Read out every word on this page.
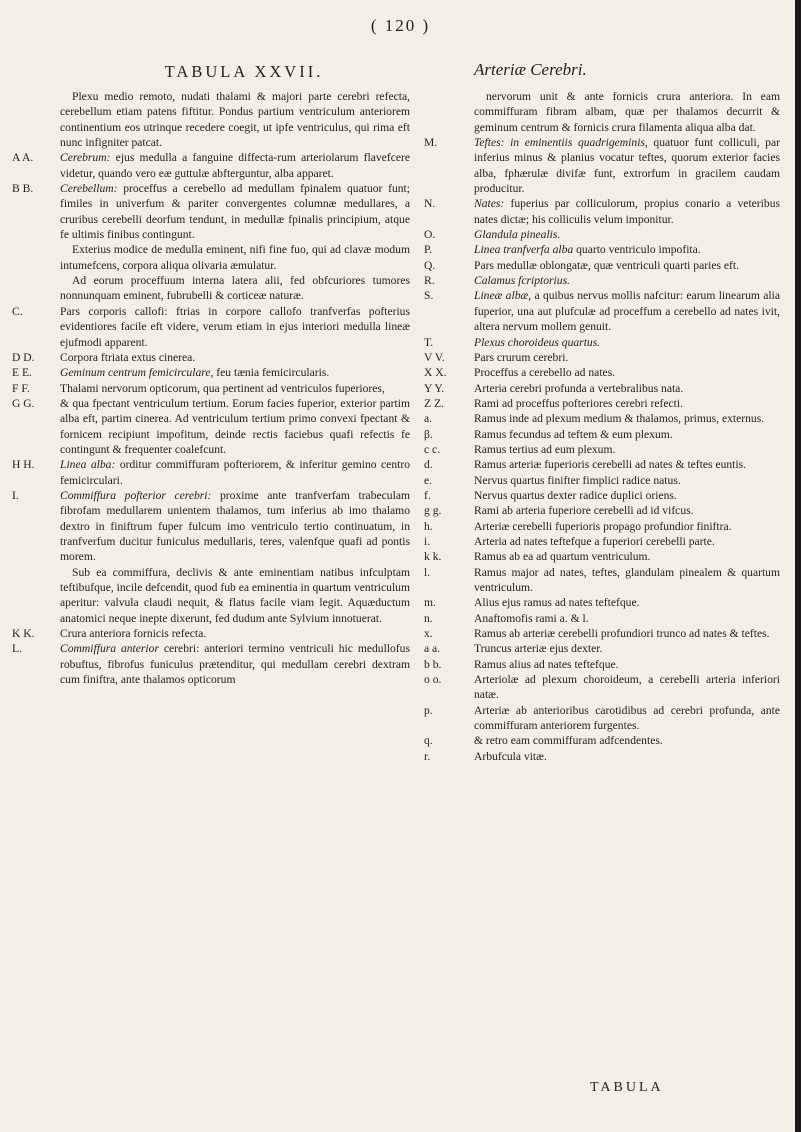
( 120 )
TABULA XXVII.	Arteriæ Cerebri.
Plexu medio remoto, nudati thalami & majori parte cerebri refecta, cerebellum etiam patens fiftitur. Pondus partium ventriculum anteriorem continentium eos utrinque recedere coegit, ut ipfe ventriculus, qui rima eft nunc infigniter patcat.
A A.	Cerebrum: ejus medulla a fanguine diffecta-rum arteriolarum flavefcere videtur, quando vero eæ guttulæ abfterguntur, alba apparet.
B B.	Cerebellum: proceffus a cerebello ad medullam fpinalem quatuor funt; fimiles in univerfum & pariter convergentes columnæ medullares, a cruribus cerebelli deorfum tendunt, in medullæ fpinalis principium, atque fe ultimis finibus contingunt.
Exterius modice de medulla eminent, nifi fine fuo, qui ad clavæ modum intumefcens, corpora aliqua olivaria æmulatur.
Ad eorum proceffuum interna latera alii, fed obfcuriores tumores nonnunquam eminent, fubrubelli & corticeæ naturæ.
C.	Pars corporis callofi: ftrias in corpore callofo tranfverfas pofterius evidentiores facile eft videre, verum etiam in ejus interiori medulla lineæ ejufmodi apparent.
D D.	Corpora ftriata extus cinerea.
E E.	Geminum centrum femicirculare, feu tænia femicircularis.
F F.	Thalami nervorum opticorum, qua pertinent ad ventriculos fuperiores,
G G.	& qua fpectant ventriculum tertium. Eorum facies fuperior, exterior partim alba eft, partim cinerea. Ad ventriculum tertium primo convexi fpectant & fornicem recipiunt impofitum, deinde rectis faciebus quafi refectis fe contingunt & frequenter coalefcunt.
H H.	Linea alba: orditur commiffuram pofteriorem, & inferitur gemino centro femicirculari.
I.	Commiffura pofterior cerebri: proxime ante tranfverfam trabeculam fibrofam medullarem unientem thalamos, tum inferius ab imo thalamo dextro in finiftrum fuper fulcum imo ventriculo tertio continuatum, in tranfverfum ducitur funiculus medullaris, teres, valenfque quafi ad pontis morem.
Sub ea commiffura, declivis & ante eminentiam natibus infculptam teftibufque, incile defcendit, quod fub ea eminentia in quartum ventriculum aperitur: valvula claudi nequit, & flatus facile viam legit. Aquæductum anatomici neque inepte dixerunt, fed dudum ante Sylvium innotuerat.
K K.	Crura anteriora fornicis refecta.
L.	Commiffura anterior cerebri: anteriori termino ventriculi hic medullofus robuftus, fibrofus funiculus prætenditur, qui medullam cerebri dextram cum finiftra, ante thalamos opticorum
nervorum unit & ante fornicis crura anteriora. In eam commiffuram fibram albam, quæ per thalamos decurrit & geminum centrum & fornicis crura filamenta aliqua alba dat.
M.	Teftes: in eminentiis quadrigeminis, quatuor funt colliculi, par inferius minus & planius vocatur teftes, quorum exterior facies alba, fphærulæ divifæ funt, extrorfum in gracilem caudam producitur.
N.	Nates: fuperius par colliculorum, propius conario a veteribus nates dictæ; his colliculis velum imponitur.
O.	Glandula pinealis.
P.	Linea tranfverfa alba quarto ventriculo impofita.
Q.	Pars medullæ oblongatæ, quæ ventriculi quarti paries eft.
R.	Calamus fcriptorius.
S.	Lineæ albæ, a quibus nervus mollis nafcitur: earum linearum alia fuperior, una aut plufculæ ad proceffum a cerebello ad nates ivit, altera nervum mollem genuit.
T.	Plexus choroideus quartus.
V V.	Pars crurum cerebri.
X X.	Proceffus a cerebello ad nates.
Y Y.	Arteria cerebri profunda a vertebralibus nata.
Z Z.	Rami ad proceffus pofteriores cerebri refecti.
a.	Ramus inde ad plexum medium & thalamos, primus, externus.
β.	Ramus fecundus ad teftem & eum plexum.
c c.	Ramus tertius ad eum plexum.
d.	Ramus arteriæ fuperioris cerebelli ad nates & teftes euntis.
e.	Nervus quartus finifter fimplici radice natus.
f.	Nervus quartus dexter radice duplici oriens.
g g.	Rami ab arteria fuperiore cerebelli ad id vifcus.
h.	Arteriæ cerebelli fuperioris propago profundior finiftra.
i.	Arteria ad nates teftefque a fuperiori cerebelli parte.
k k.	Ramus ab ea ad quartum ventriculum.
l.	Ramus major ad nates, teftes, glandulam pinealem & quartum ventriculum.
m.	Alius ejus ramus ad nates teftefque.
n.	Anaftomofis rami a. & l.
x.	Ramus ab arteriæ cerebelli profundiori trunco ad nates & teftes.
a a.	Truncus arteriæ ejus dexter.
b b.	Ramus alius ad nates teftefque.
o o.	Arteriolæ ad plexum choroideum, a cerebelli arteria inferiori natæ.
p.	Arteriæ ab anterioribus carotidibus ad cerebri profunda, ante commiffuram anteriorem furgentes.
q.	& retro eam commiffuram adfcendentes.
r.	Arbufcula vitæ.
TABULA
